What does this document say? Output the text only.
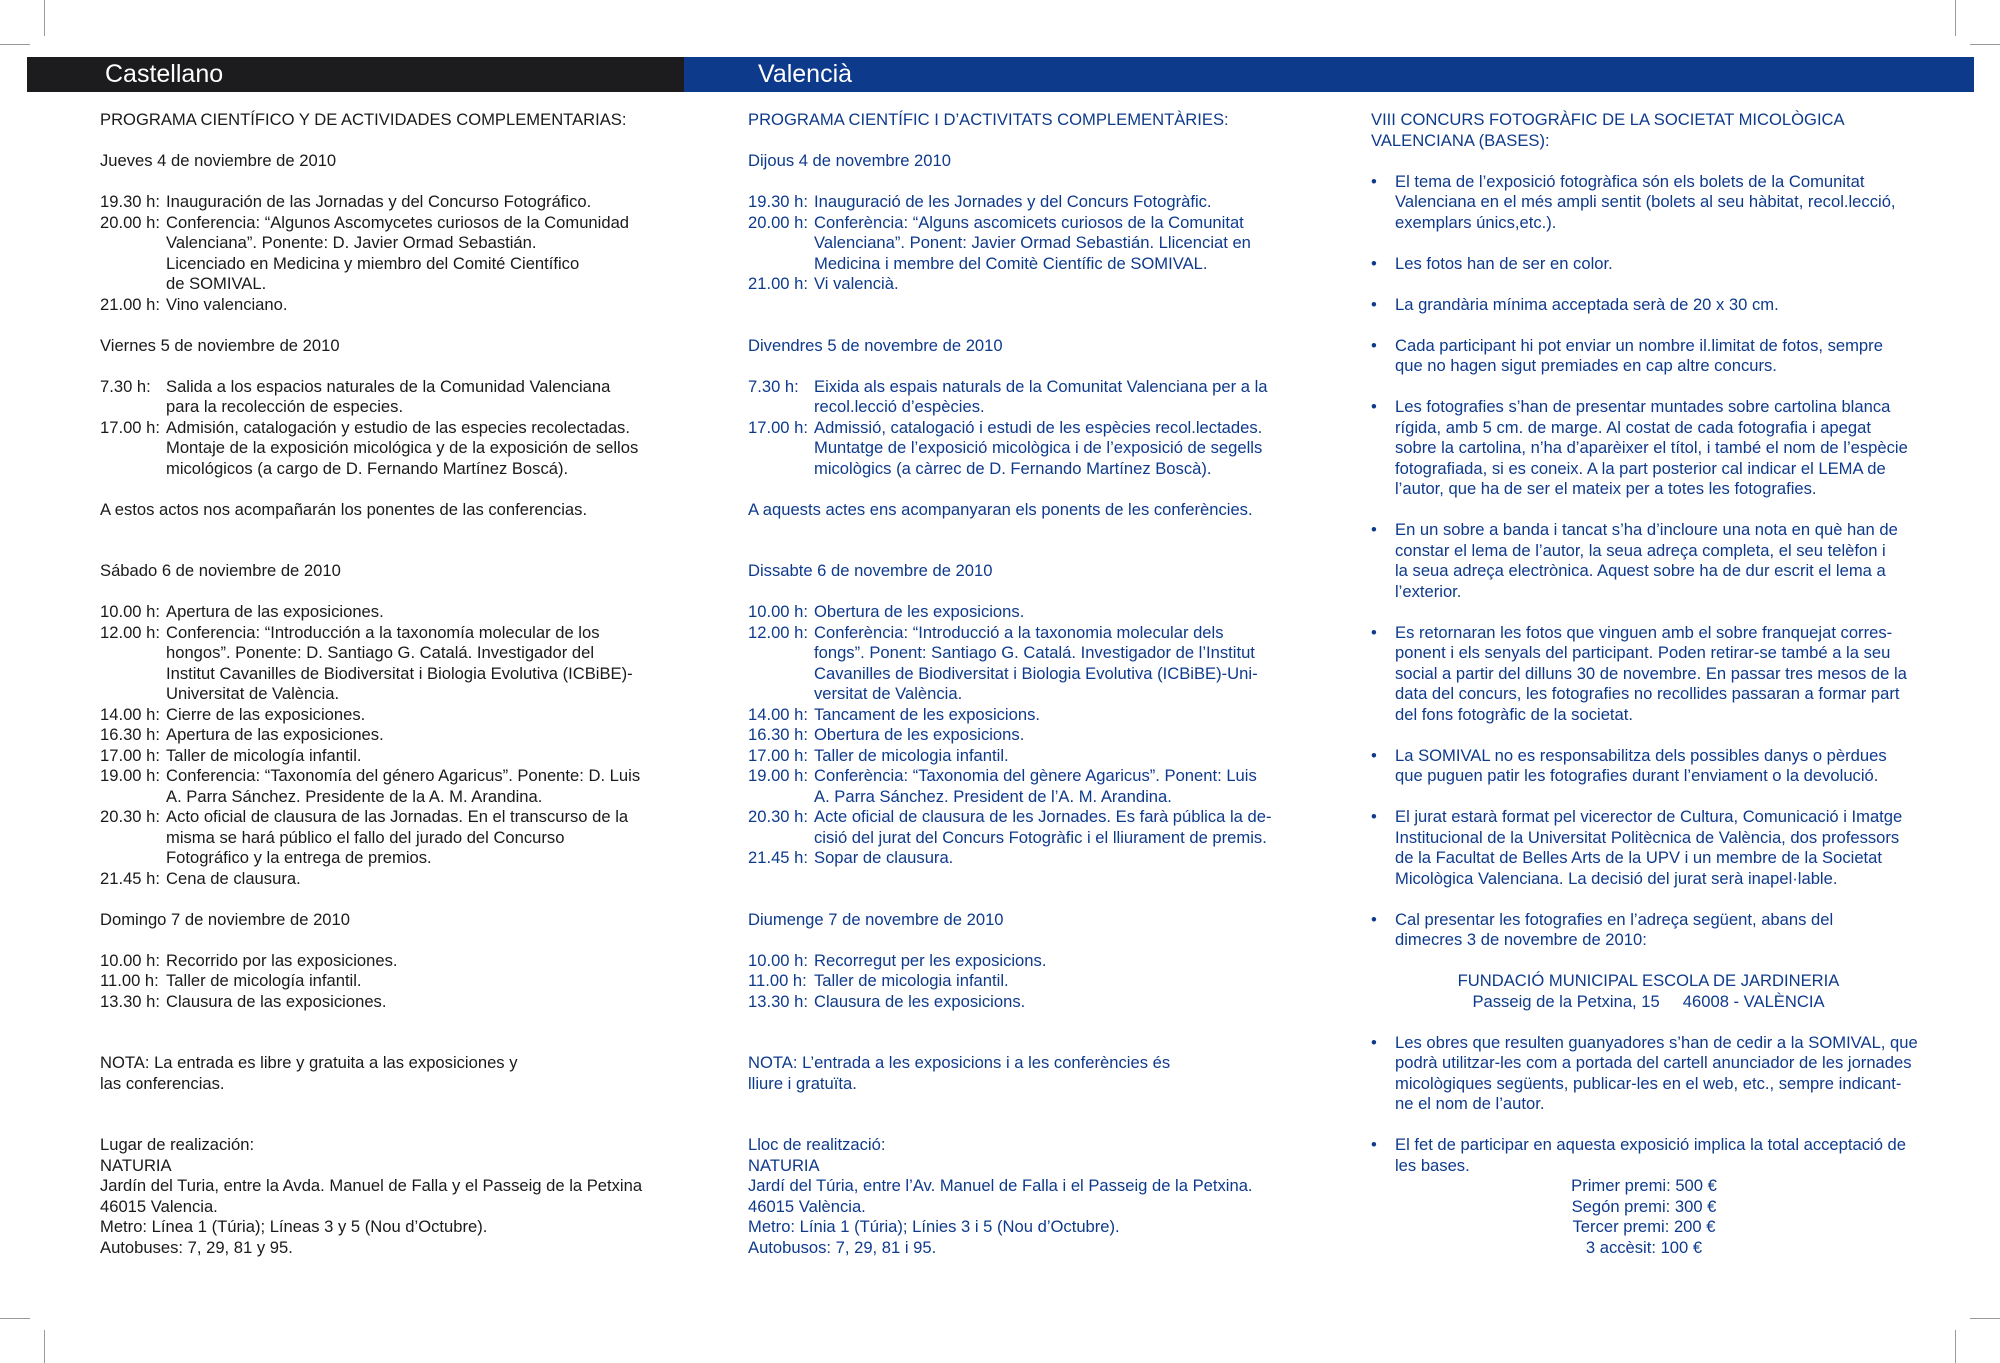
Castellano	Valencià
PROGRAMA CIENTÍFICO Y DE ACTIVIDADES COMPLEMENTARIAS:
Jueves 4 de noviembre de 2010
19.30 h: Inauguración de las Jornadas y del Concurso Fotográfico.
20.00 h: Conferencia: “Algunos Ascomycetes curiosos de la Comunidad
Valenciana”. Ponente: D. Javier Ormad Sebastián.
Licenciado en Medicina y miembro del Comité Científico
de SOMIVAL.
21.00 h: Vino valenciano.
Viernes 5 de noviembre de 2010
7.30 h: Salida a los espacios naturales de la Comunidad Valenciana
para la recolección de especies.
17.00 h: Admisión, catalogación y estudio de las especies recolectadas.
Montaje de la exposición micológica y de la exposición de sellos
micológicos (a cargo de D. Fernando Martínez Boscá).
A estos actos nos acompañarán los ponentes de las conferencias.
Sábado 6 de noviembre de 2010
10.00 h: Apertura de las exposiciones.
12.00 h: Conferencia: “Introducción a la taxonomía molecular de los
hongos”. Ponente: D. Santiago G. Catalá. Investigador del
Institut Cavanilles de Biodiversitat i Biologia Evolutiva (ICBiBE)-
Universitat de València.
14.00 h: Cierre de las exposiciones.
16.30 h: Apertura de las exposiciones.
17.00 h: Taller de micología infantil.
19.00 h: Conferencia: “Taxonomía del género Agaricus”. Ponente: D. Luis
A. Parra Sánchez. Presidente de la A. M. Arandina.
20.30 h: Acto oficial de clausura de las Jornadas. En el transcurso de la
misma se hará público el fallo del jurado del Concurso
Fotográfico y la entrega de premios.
21.45 h: Cena de clausura.
Domingo 7 de noviembre de 2010
10.00 h: Recorrido por las exposiciones.
11.00 h: Taller de micología infantil.
13.30 h: Clausura de las exposiciones.
NOTA: La entrada es libre y gratuita a las exposiciones y
las conferencias.
Lugar de realización:
NATURIA
Jardín del Turia, entre la Avda. Manuel de Falla y el Passeig de la Petxina
46015 Valencia.
Metro: Línea 1 (Túria); Líneas 3 y 5 (Nou d’Octubre).
Autobuses: 7, 29, 81 y 95.
PROGRAMA CIENTÍFIC I D’ACTIVITATS COMPLEMENTÀRIES:
Dijous 4 de novembre 2010
19.30 h: Inauguració de les Jornades y del Concurs Fotogràfic.
20.00 h: Conferència: “Alguns ascomicets curiosos de la Comunitat
Valenciana”. Ponent: Javier Ormad Sebastián. Llicenciat en
Medicina i membre del Comitè Científic de SOMIVAL.
21.00 h: Vi valencià.
Divendres 5 de novembre de 2010
7.30 h: Eixida als espais naturals de la Comunitat Valenciana per a la
recol.lecció d’espècies.
17.00 h: Admissió, catalogació i estudi de les espècies recol.lectades.
Muntatge de l’exposició micològica i de l’exposició de segells
micològics (a càrrec de D. Fernando Martínez Boscà).
A aquests actes ens acompanyaran els ponents de les conferències.
Dissabte 6 de novembre de 2010
10.00 h: Obertura de les exposicions.
12.00 h: Conferència: “Introducció a la taxonomia molecular dels
fongs”. Ponent: Santiago G. Catalá. Investigador de l’Institut
Cavanilles de Biodiversitat i Biologia Evolutiva (ICBiBE)-Uni-
versitat de València.
14.00 h: Tancament de les exposicions.
16.30 h: Obertura de les exposicions.
17.00 h: Taller de micologia infantil.
19.00 h: Conferència: “Taxonomia del gènere Agaricus”. Ponent: Luis
A. Parra Sánchez. President de l’A. M. Arandina.
20.30 h: Acte oficial de clausura de les Jornades. Es farà pública la de-
cisió del jurat del Concurs Fotogràfic i el lliurament de premis.
21.45 h: Sopar de clausura.
Diumenge 7 de novembre de 2010
10.00 h: Recorregut per les exposicions.
11.00 h: Taller de micologia infantil.
13.30 h: Clausura de les exposicions.
NOTA: L’entrada a les exposicions i a les conferències és
lliure i gratuïta.
Lloc de realització:
NATURIA
Jardí del Túria, entre l’Av. Manuel de Falla i el Passeig de la Petxina.
46015 València.
Metro: Línia 1 (Túria); Línies 3 i 5 (Nou d’Octubre).
Autobusos: 7, 29, 81 i 95.
VIII CONCURS FOTOGRÀFIC DE LA SOCIETAT MICOLÒGICA
VALENCIANA (BASES):
• El tema de l’exposició fotogràfica són els bolets de la Comunitat
Valenciana en el més ampli sentit (bolets al seu hàbitat, recol.lecció,
exemplars únics,etc.).
• Les fotos han de ser en color.
• La grandària mínima acceptada serà de 20 x 30 cm.
• Cada participant hi pot enviar un nombre il.limitat de fotos, sempre
que no hagen sigut premiades en cap altre concurs.
• Les fotografies s’han de presentar muntades sobre cartolina blanca
rígida, amb 5 cm. de marge. Al costat de cada fotografia i apegat
sobre la cartolina, n’ha d’aparèixer el títol, i també el nom de l’espècie
fotografiada, si es coneix. A la part posterior cal indicar el LEMA de
l’autor, que ha de ser el mateix per a totes les fotografies.
• En un sobre a banda i tancat s’ha d’incloure una nota en què han de
constar el lema de l’autor, la seua adreça completa, el seu telèfon i
la seua adreça electrònica. Aquest sobre ha de dur escrit el lema a
l’exterior.
• Es retornaran les fotos que vinguen amb el sobre franquejat corres-
ponent i els senyals del participant. Poden retirar-se també a la seu
social a partir del dilluns 30 de novembre. En passar tres mesos de la
data del concurs, les fotografies no recollides passaran a formar part
del fons fotogràfic de la societat.
• La SOMIVAL no es responsabilitza dels possibles danys o pèrdues
que puguen patir les fotografies durant l’enviament o la devolució.
• El jurat estarà format pel vicerector de Cultura, Comunicació i Imatge
Institucional de la Universitat Politècnica de València, dos professors
de la Facultat de Belles Arts de la UPV i un membre de la Societat
Micològica Valenciana. La decisió del jurat serà inapel·lable.
• Cal presentar les fotografies en l’adreça següent, abans del
dimecres 3 de novembre de 2010:
FUNDACIÓ MUNICIPAL ESCOLA DE JARDINERIA
Passeig de la Petxina, 15     46008 - VALÈNCIA
• Les obres que resulten guanyadores s’han de cedir a la SOMIVAL, que
podrà utilitzar-les com a portada del cartell anunciador de les jornades
micològiques següents, publicar-les en el web, etc., sempre indicant-
ne el nom de l’autor.
• El fet de participar en aquesta exposició implica la total acceptació de
les bases.
Primer premi: 500 €
Segón premi: 300 €
Tercer premi: 200 €
3 accèsit: 100 €
